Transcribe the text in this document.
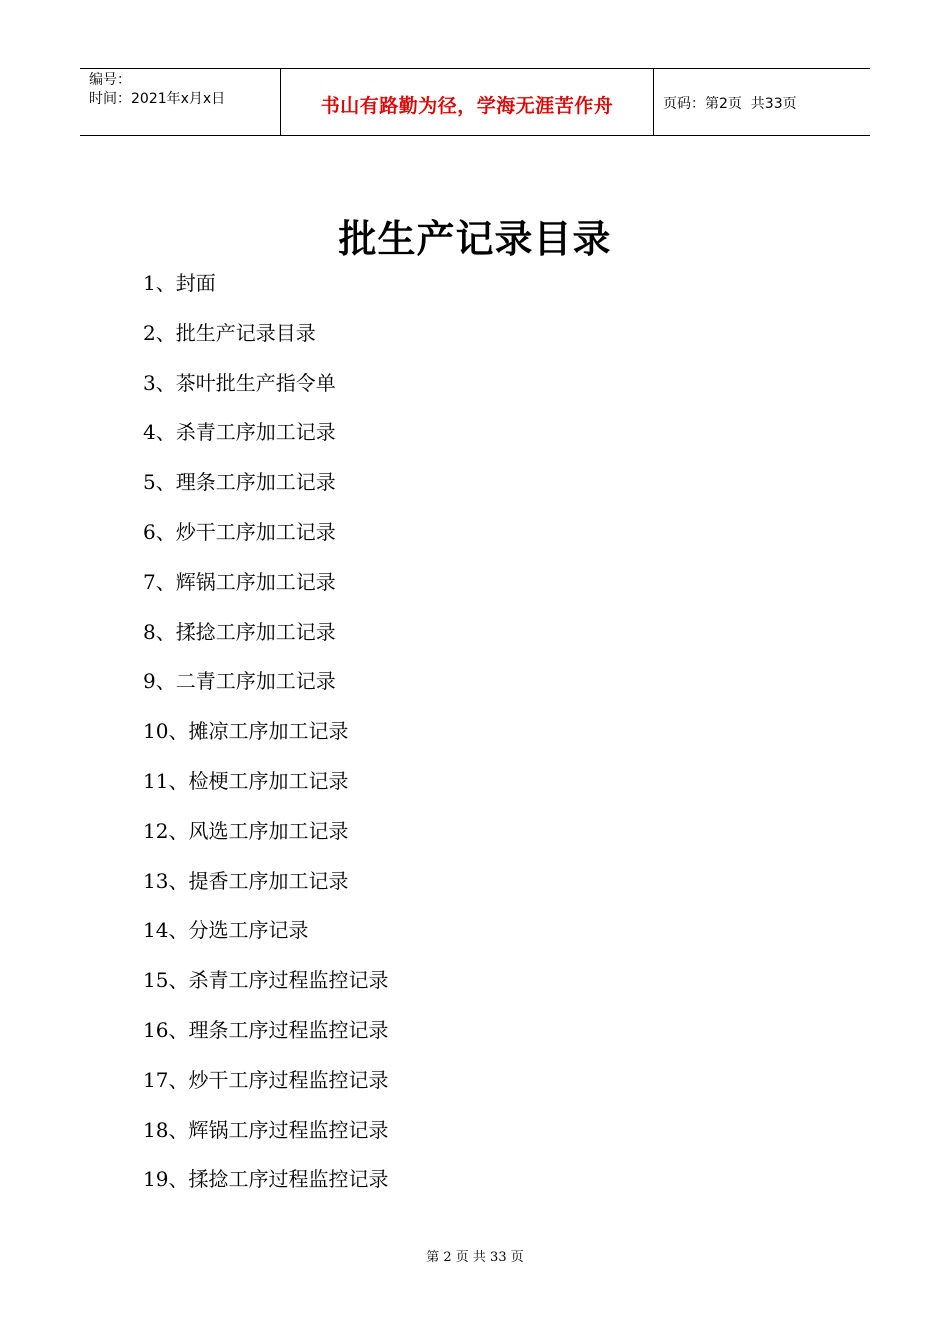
编号：
时间：2021年x月x日	书山有路勤为径，学海无涯苦作舟	页码：第2页  共33页
批生产记录目录
1、封面
2、批生产记录目录
3、茶叶批生产指令单
4、杀青工序加工记录
5、理条工序加工记录
6、炒干工序加工记录
7、辉锅工序加工记录
8、揉捻工序加工记录
9、二青工序加工记录
10、摊凉工序加工记录
11、检梗工序加工记录
12、风选工序加工记录
13、提香工序加工记录
14、分选工序记录
15、杀青工序过程监控记录
16、理条工序过程监控记录
17、炒干工序过程监控记录
18、辉锅工序过程监控记录
19、揉捻工序过程监控记录
第 2 页 共 33 页
